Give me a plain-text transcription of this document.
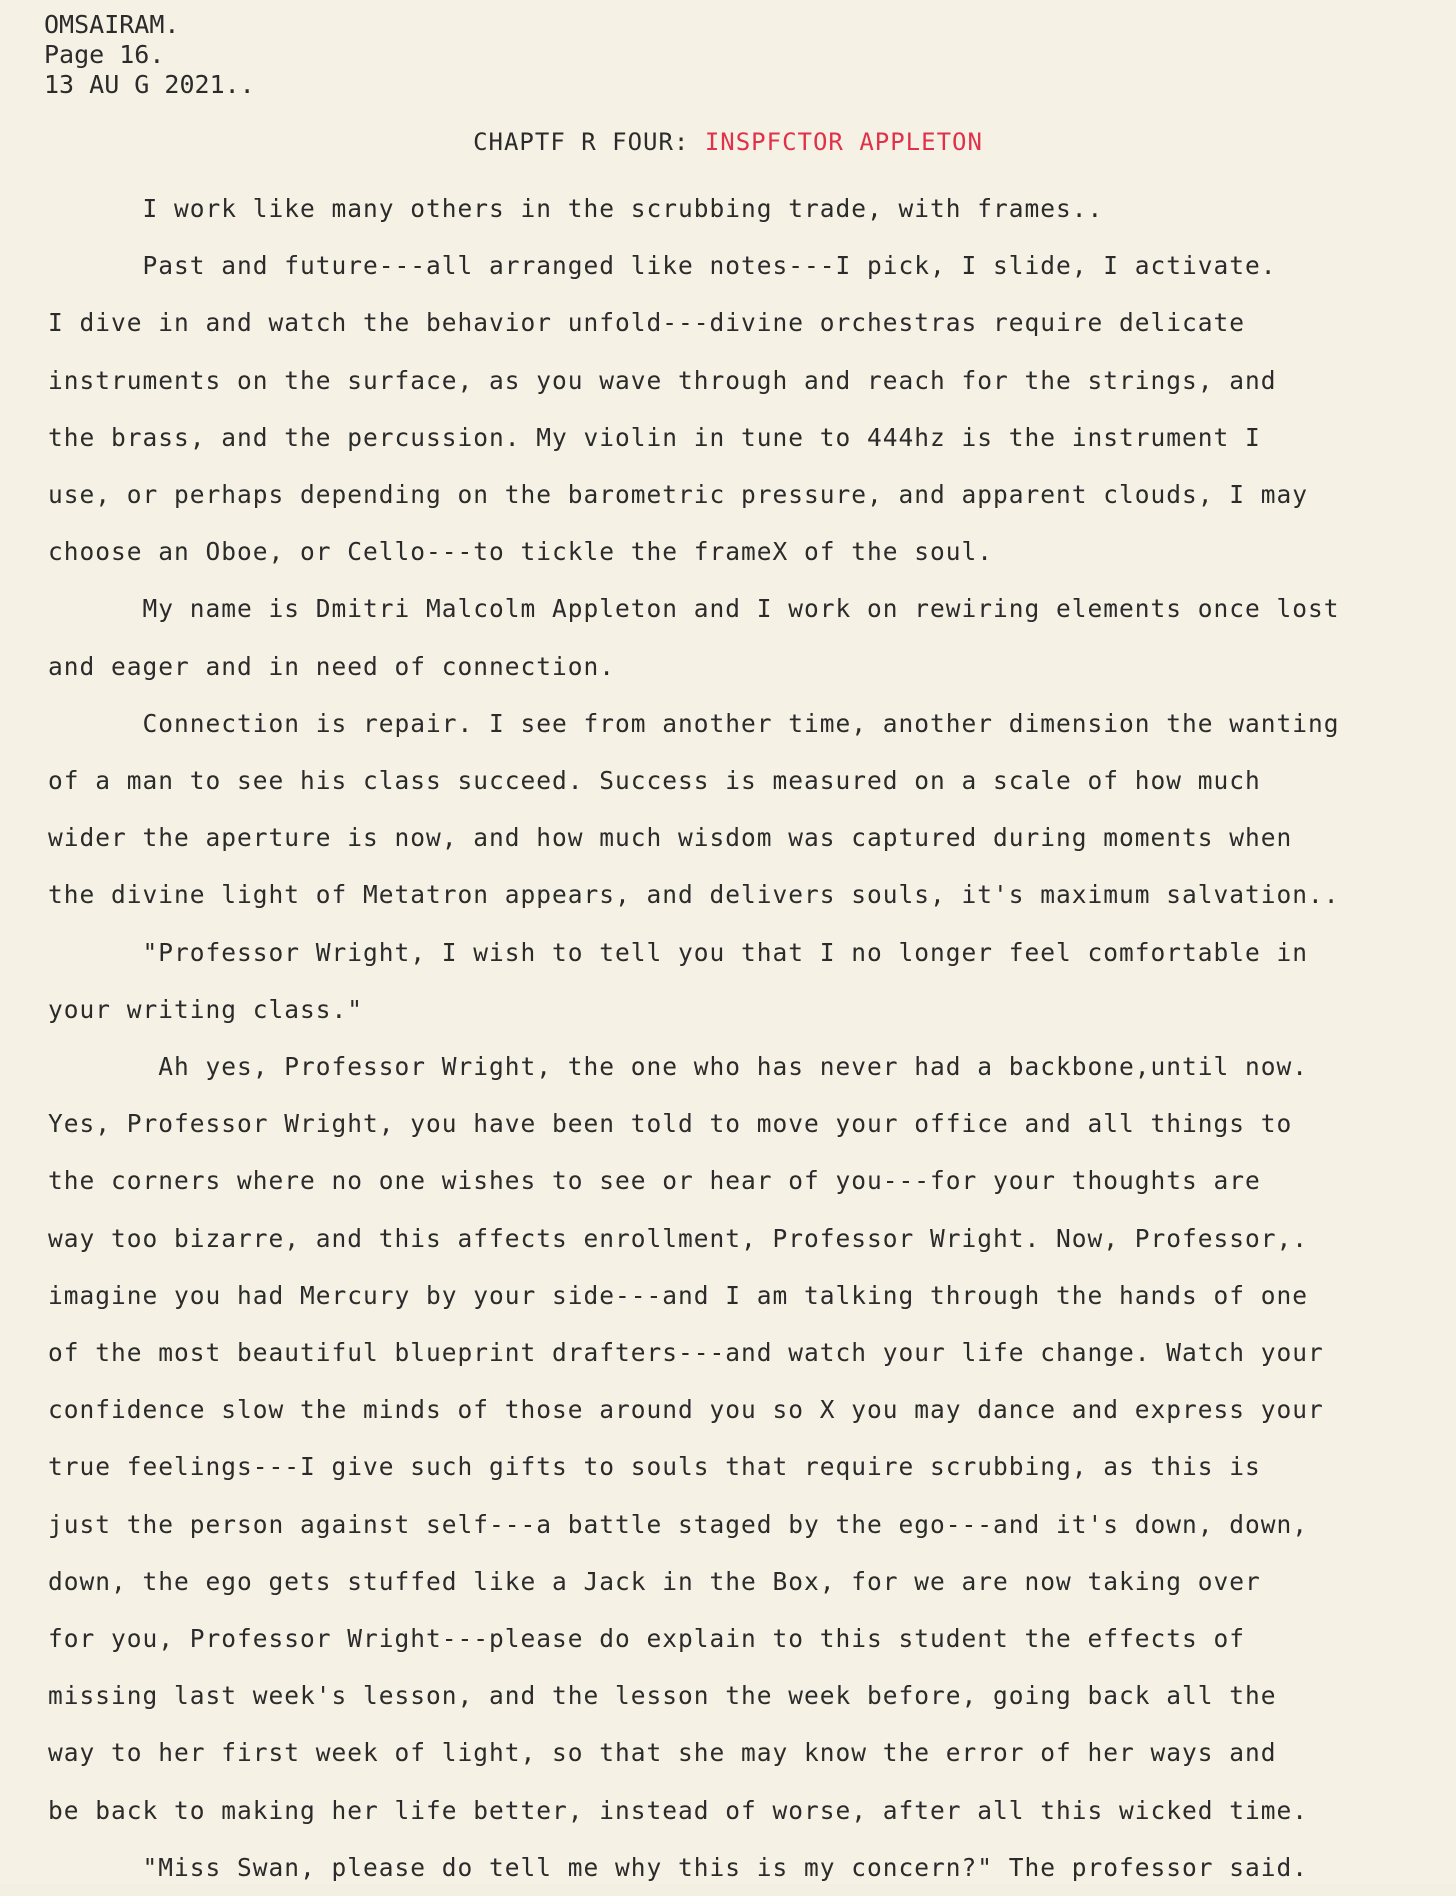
OMSAIRAM.
Page 16.
13 AU G 2021..
CHAPTF R FOUR: INSPFCTOR APPLETON

I work like many others in the scrubbing trade, with frames..

Past and future---all arranged like notes---I pick, I slide, I activate.

I dive in and watch the behavior unfold---divine orchestras require delicate

instruments on the surface, as you wave through and reach for the strings, and

the brass, and the percussion. My violin in tune to 444hz is the instrument I

use, or perhaps depending on the barometric pressure, and apparent clouds, I may

choose an Oboe, or Cello---to tickle the frameX of the soul.

My name is Dmitri Malcolm Appleton and I work on rewiring elements once lost

and eager and in need of connection.

Connection is repair. I see from another time, another dimension the wanting

of a man to see his class succeed. Success is measured on a scale of how much

wider the aperture is now, and how much wisdom was captured during moments when

the divine light of Metatron appears, and delivers souls, it's maximum salvation..

"Professor Wright, I wish to tell you that I no longer feel comfortable in

your writing class."

Ah yes, Professor Wright, the one who has never had a backbone,until now.

Yes, Professor Wright, you have been told to move your office and all things to

the corners where no one wishes to see or hear of you---for your thoughts are

way too bizarre, and this affects enrollment, Professor Wright. Now, Professor,.

imagine you had Mercury by your side---and I am talking through the hands of one

of the most beautiful blueprint drafters---and watch your life change. Watch your

confidence slow the minds of those around you so X you may dance and express your

true feelings---I give such gifts to souls that require scrubbing, as this is

just the person against self---a battle staged by the ego---and it's down, down,

down, the ego gets stuffed like a Jack in the Box, for we are now taking over

for you, Professor Wright---please do explain to this student the effects of

missing last week's lesson, and the lesson the week before, going back all the

way to her first week of light, so that she may know the error of her ways and

be back to making her life better, instead of worse, after all this wicked time.

"Miss Swan, please do tell me why this is my concern?" The professor said.
